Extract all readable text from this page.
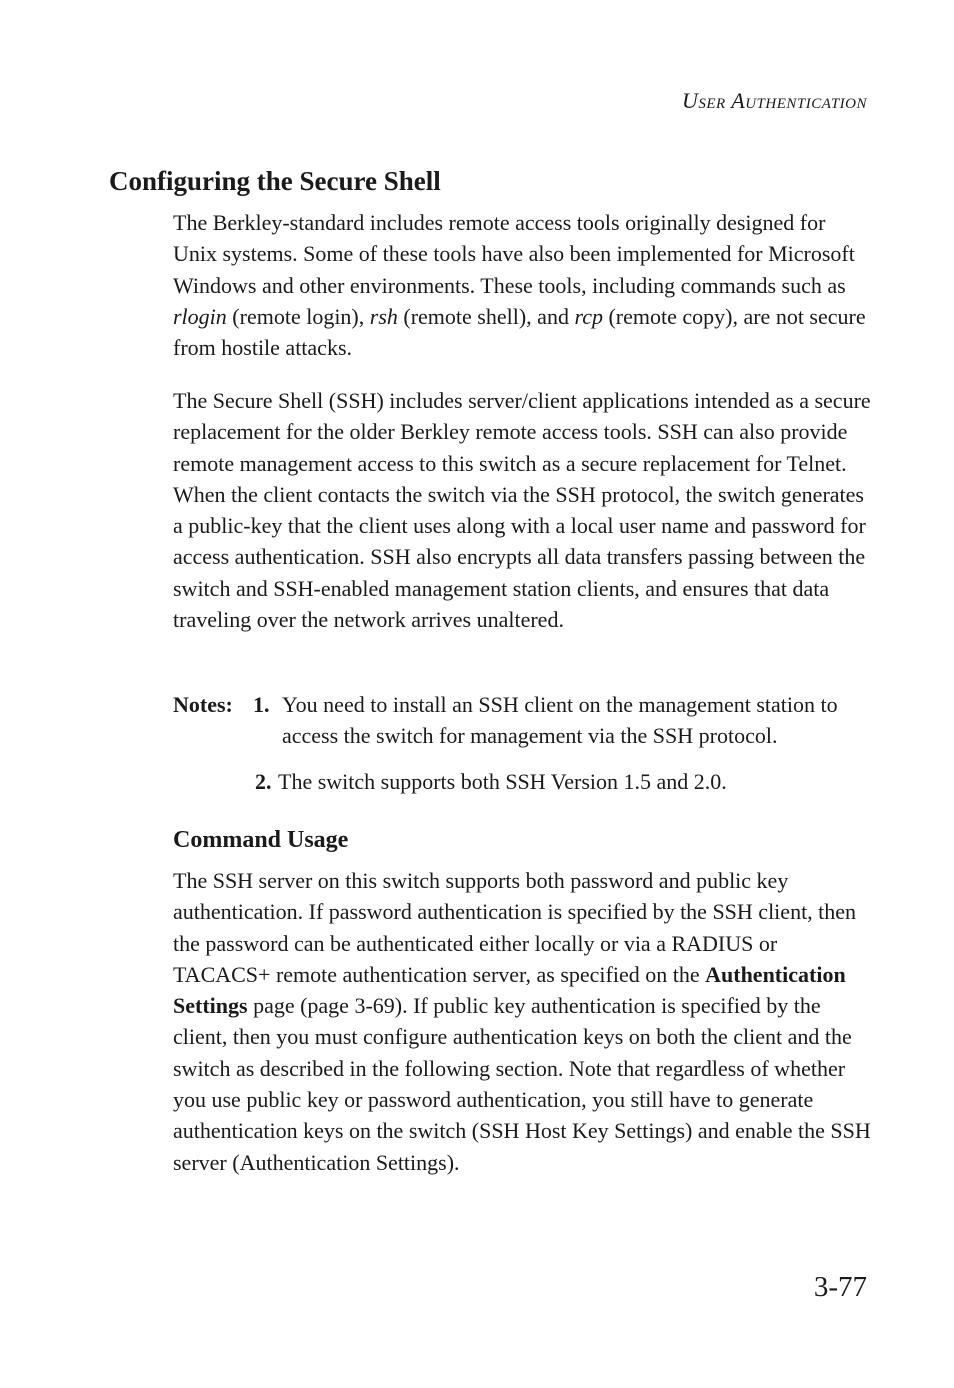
User Authentication
Configuring the Secure Shell

The Berkley-standard includes remote access tools originally designed for Unix systems. Some of these tools have also been implemented for Microsoft Windows and other environments. These tools, including commands such as rlogin (remote login), rsh (remote shell), and rcp (remote copy), are not secure from hostile attacks.

The Secure Shell (SSH) includes server/client applications intended as a secure replacement for the older Berkley remote access tools. SSH can also provide remote management access to this switch as a secure replacement for Telnet. When the client contacts the switch via the SSH protocol, the switch generates a public-key that the client uses along with a local user name and password for access authentication. SSH also encrypts all data transfers passing between the switch and SSH-enabled management station clients, and ensures that data traveling over the network arrives unaltered.

Notes: 1. You need to install an SSH client on the management station to access the switch for management via the SSH protocol.
2. The switch supports both SSH Version 1.5 and 2.0.
Command Usage

The SSH server on this switch supports both password and public key authentication. If password authentication is specified by the SSH client, then the password can be authenticated either locally or via a RADIUS or TACACS+ remote authentication server, as specified on the Authentication Settings page (page 3-69). If public key authentication is specified by the client, then you must configure authentication keys on both the client and the switch as described in the following section. Note that regardless of whether you use public key or password authentication, you still have to generate authentication keys on the switch (SSH Host Key Settings) and enable the SSH server (Authentication Settings).

3-77
